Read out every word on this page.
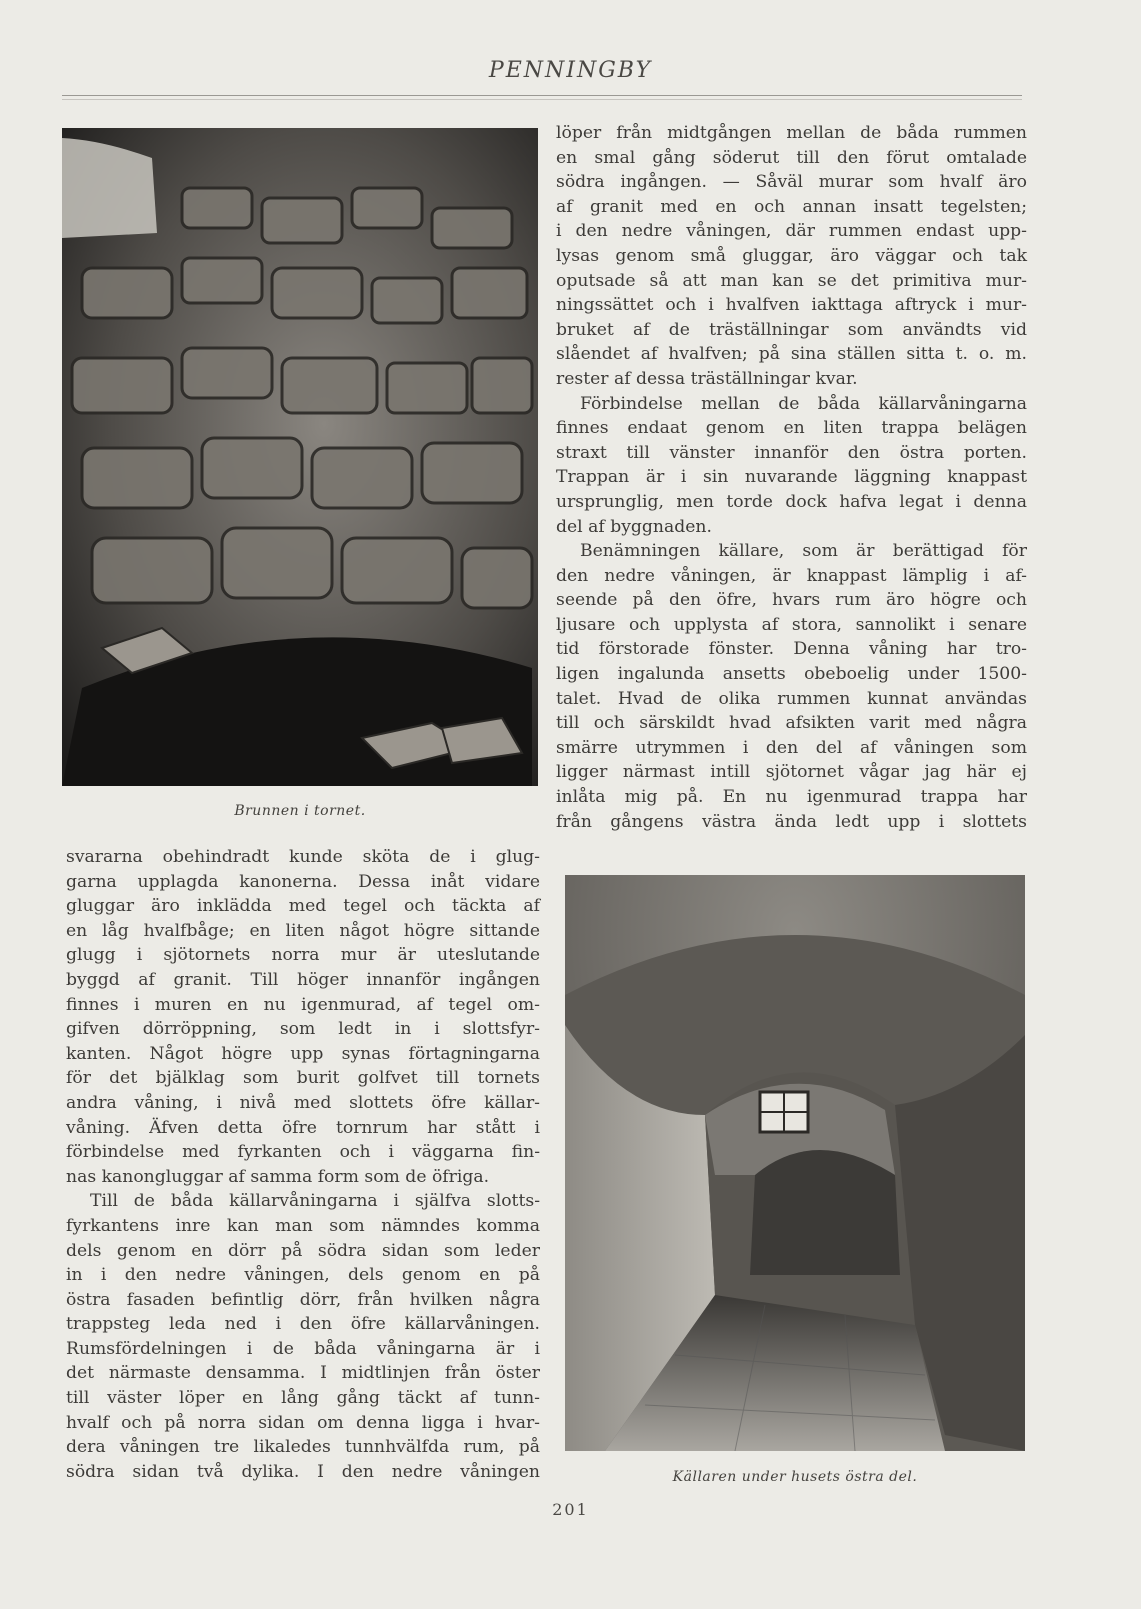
PENNINGBY
Brunnen i tornet.
löper från midtgången mellan de båda rummen
en smal gång söderut till den förut omtalade
södra ingången. — Såväl murar som hvalf äro
af granit med en och annan insatt tegelsten;
i den nedre våningen, där rummen endast upp-
lysas genom små gluggar, äro väggar och tak
oputsade så att man kan se det primitiva mur-
ningssättet och i hvalfven iakttaga aftryck i mur-
bruket af de träställningar som användts vid
slåendet af hvalfven; på sina ställen sitta t. o. m.
rester af dessa träställningar kvar.
Förbindelse mellan de båda källarvåningarna
finnes endaat genom en liten trappa belägen
straxt till vänster innanför den östra porten.
Trappan är i sin nuvarande läggning knappast
ursprunglig, men torde dock hafva legat i denna
del af byggnaden.
Benämningen källare, som är berättigad för
den nedre våningen, är knappast lämplig i af-
seende på den öfre, hvars rum äro högre och
ljusare och upplysta af stora, sannolikt i senare
tid förstorade fönster. Denna våning har tro-
ligen ingalunda ansetts obeboelig under 1500-
talet. Hvad de olika rummen kunnat användas
till och särskildt hvad afsikten varit med några
smärre utrymmen i den del af våningen som
ligger närmast intill sjötornet vågar jag här ej
inlåta mig på. En nu igenmurad trappa har
från gångens västra ända ledt upp i slottets
svararna obehindradt kunde sköta de i glug-
garna upplagda kanonerna. Dessa inåt vidare
gluggar äro inklädda med tegel och täckta af
en låg hvalfbåge; en liten något högre sittande
glugg i sjötornets norra mur är uteslutande
byggd af granit. Till höger innanför ingången
finnes i muren en nu igenmurad, af tegel om-
gifven dörröppning, som ledt in i slottsfyr-
kanten. Något högre upp synas förtagningarna
för det bjälklag som burit golfvet till tornets
andra våning, i nivå med slottets öfre källar-
våning. Äfven detta öfre tornrum har stått i
förbindelse med fyrkanten och i väggarna fin-
nas kanongluggar af samma form som de öfriga.
Till de båda källarvåningarna i själfva slotts-
fyrkantens inre kan man som nämndes komma
dels genom en dörr på södra sidan som leder
in i den nedre våningen, dels genom en på
östra fasaden befintlig dörr, från hvilken några
trappsteg leda ned i den öfre källarvåningen.
Rumsfördelningen i de båda våningarna är i
det närmaste densamma. I midtlinjen från öster
till väster löper en lång gång täckt af tunn-
hvalf och på norra sidan om denna ligga i hvar-
dera våningen tre likaledes tunnhvälfda rum, på
södra sidan två dylika. I den nedre våningen	Källaren under husets östra del.
201
